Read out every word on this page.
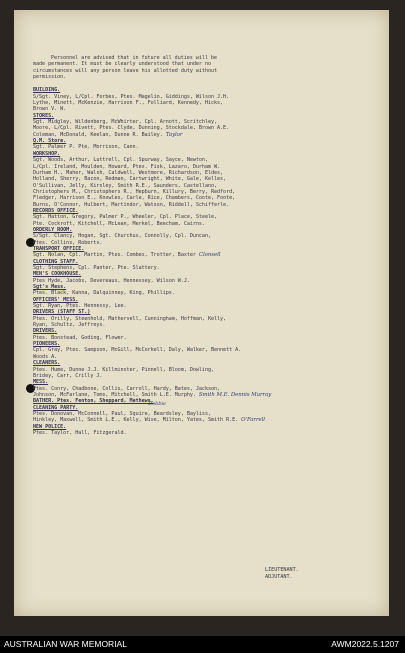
Personnel are advised that in future all duties will be
made permanent. It must be clearly understood that under no
circumstances will any person leave his allotted duty without
permission.
BUILDING.
S/Sgt. Viney, L/Cpl. Forbes, Ptes. Magelin, Giddings, Wilson J.H.
Lythe, Minett, McKenzie, Harrison F., Folliard, Kennedy, Hicks,
Brown V. W.
STORES.
Sgt. Midgley, Wildenberg, McWhirter, Cpl. Arnott, Scritchley,
Moore, L/Cpl. Rivett, Ptes. Clyde, Dunning, Stockdale, Brown A.E.
Coleman, McDonald, Keelan, Dunne R. Bailey. Taylor
Q.M. Store.
Sgt. Palmer P. Pte. Morrison, Cann.
WORKSHOP.
Sgt. Woods, Arthur, Luttrell, Cpl. Spurway, Sayce, Newton,
L/Cpl. Ireland, Moulden, Howard, Ptes. Fisk, Lazaro, Durham W.
Durham H., Maher, Walsh, Caldwell, Westmore, Richardson, Eldes,
Holland, Sherry, Bacon, Redman, Cartwright, White, Gale, Kelles,
O'Sullivan, Jelly, Kirsley, Smith R.E., Saunders, Castellano,
Christophers M., Christophers R., Hepburn, Killury, Berry, Redford,
Fledger, Harrison E., Knowles, Carle, Rice, Chambers, Coote, Foote,
Burns, O'Connor, Hulbert, Martindor, Watson, Riddell, Schifferle.
RECORDS OFFICE.
Sgt. Hatton, Gregory, Palmer P., Wheeler, Cpl. Place, Steele,
Pte. Cockroft, Kitchell, McLean, Merkel, Beecham, Cairns.
ORDERLY ROOM.
S/Sgt. Clancy, Hogan, Sgt. Churchus, Connolly, Cpl. Duncan,
Ptes. Collins, Roberts.
TRANSPORT OFFICE.
Sgt. Nolan, Cpl. Martin, Ptes. Combes, Trotter, Baxter Clonsell
CLOTHING STAFF.
Sgt. Stephens, Cpl. Panter, Pte. Slattery.
MEN'S COOKHOUSE.
Ptes Hyde, Jacobs, Devereaux, Hennessey, Wilson W.J.
Sgt's Mess.
Ptes. Black, Kanna, Dalquinney, King, Phillips.
OFFICERS' MESS.
Sgt. Ryan, Ptes. Hennessy, Lee.
DRIVERS (STAFF ST.)
Ptes. Orilly, Steenhold, Mathervell, Cunningham, Hoffman, Kelly,
Ryan, Schultz, Jeffreys.
DRIVERS.
Ptes. Bonstead, Goding, Flower.
PIONEERS.
Cpl. Gray, Ptes. Sampson, McGill, McCorkell, Daly, Walker, Bennett A.
Woods A.
CLEANERS.
Ptes. Hume, Dunne J.J. Killminster, Pinnell, Bloom, Dowling,
Bridey, Carr, Crilly J.
MESS.
Ptes. Conry, Chadbone, Collis, Carroll, Hardy, Bates, Jackson,
Johnson, McFarlane, Toms, Mitchell, Smith L.E. Murphy. Smith M.E. Dennis Murray
BATHER. Ptes. Fenton, Sheppard, Mathews.
CLEANING PARTY.Dobbie
Ptes. Donovan, McConnell, Paul, Squire, Beardsley, Bayliss,
Hinkley, Maxwell, Smith L.E., Kelly, Wise, Milton, Yates, Smith R.E. O'Farrell
NEW POLICE.
Ptes. Taylor, Hall, Fitzgerald.
LIEUTENANT.
ADJUTANT.
AUSTRALIAN WAR MEMORIAL	AWM2022.5.1207
